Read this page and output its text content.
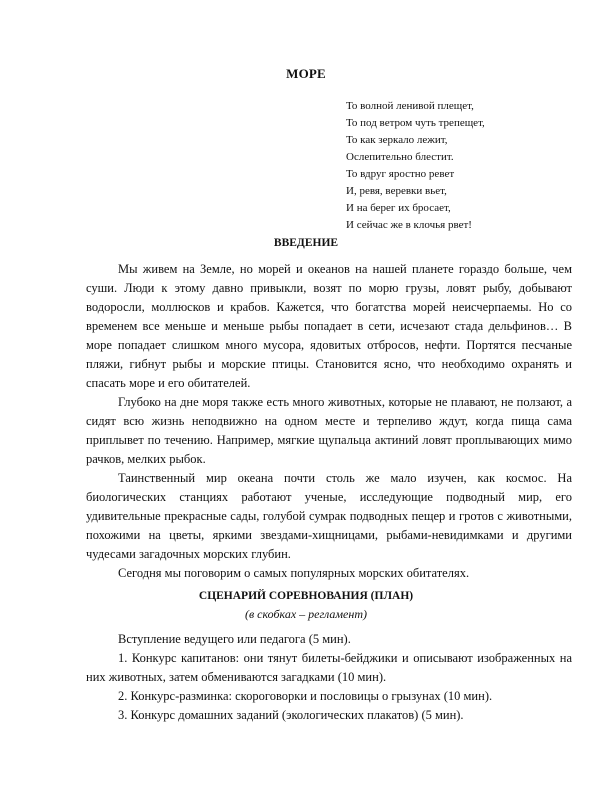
МОРЕ
То волной ленивой плещет,
То под ветром чуть трепещет,
То как зеркало лежит,
Ослепительно блестит.
То вдруг яростно ревет
И, ревя, веревки вьет,
И на берег их бросает,
И сейчас же в клочья рвет!
ВВЕДЕНИЕ

Мы живем на Земле, но морей и океанов на нашей планете гораздо больше, чем суши. Люди к этому давно привыкли, возят по морю грузы, ловят рыбу, добывают водоросли, моллюсков и крабов. Кажется, что богатства морей неисчерпаемы. Но со временем все меньше и меньше рыбы попадает в сети, исчезают стада дельфинов… В море попадает слишком много мусора, ядовитых отбросов, нефти. Портятся песчаные пляжи, гибнут рыбы и морские птицы. Становится ясно, что необходимо охранять и спасать море и его обитателей.

Глубоко на дне моря также есть много животных, которые не плавают, не ползают, а сидят всю жизнь неподвижно на одном месте и терпеливо ждут, когда пища сама приплывет по течению. Например, мягкие щупальца актиний ловят проплывающих мимо рачков, мелких рыбок.

Таинственный мир океана почти столь же мало изучен, как космос. На биологических станциях работают ученые, исследующие подводный мир, его удивительные прекрасные сады, голубой сумрак подводных пещер и гротов с животными, похожими на цветы, яркими звездами-хищницами, рыбами-невидимками и другими чудесами загадочных морских глубин.

Сегодня мы поговорим о самых популярных морских обитателях.

СЦЕНАРИЙ СОРЕВНОВАНИЯ (ПЛАН)
(в скобках – регламент)

Вступление ведущего или педагога (5 мин).

1. Конкурс капитанов: они тянут билеты-бейджики и описывают изображенных на них животных, затем обмениваются загадками (10 мин).

2. Конкурс-разминка: скороговорки и пословицы о грызунах (10 мин).

3. Конкурс домашних заданий (экологических плакатов) (5 мин).
